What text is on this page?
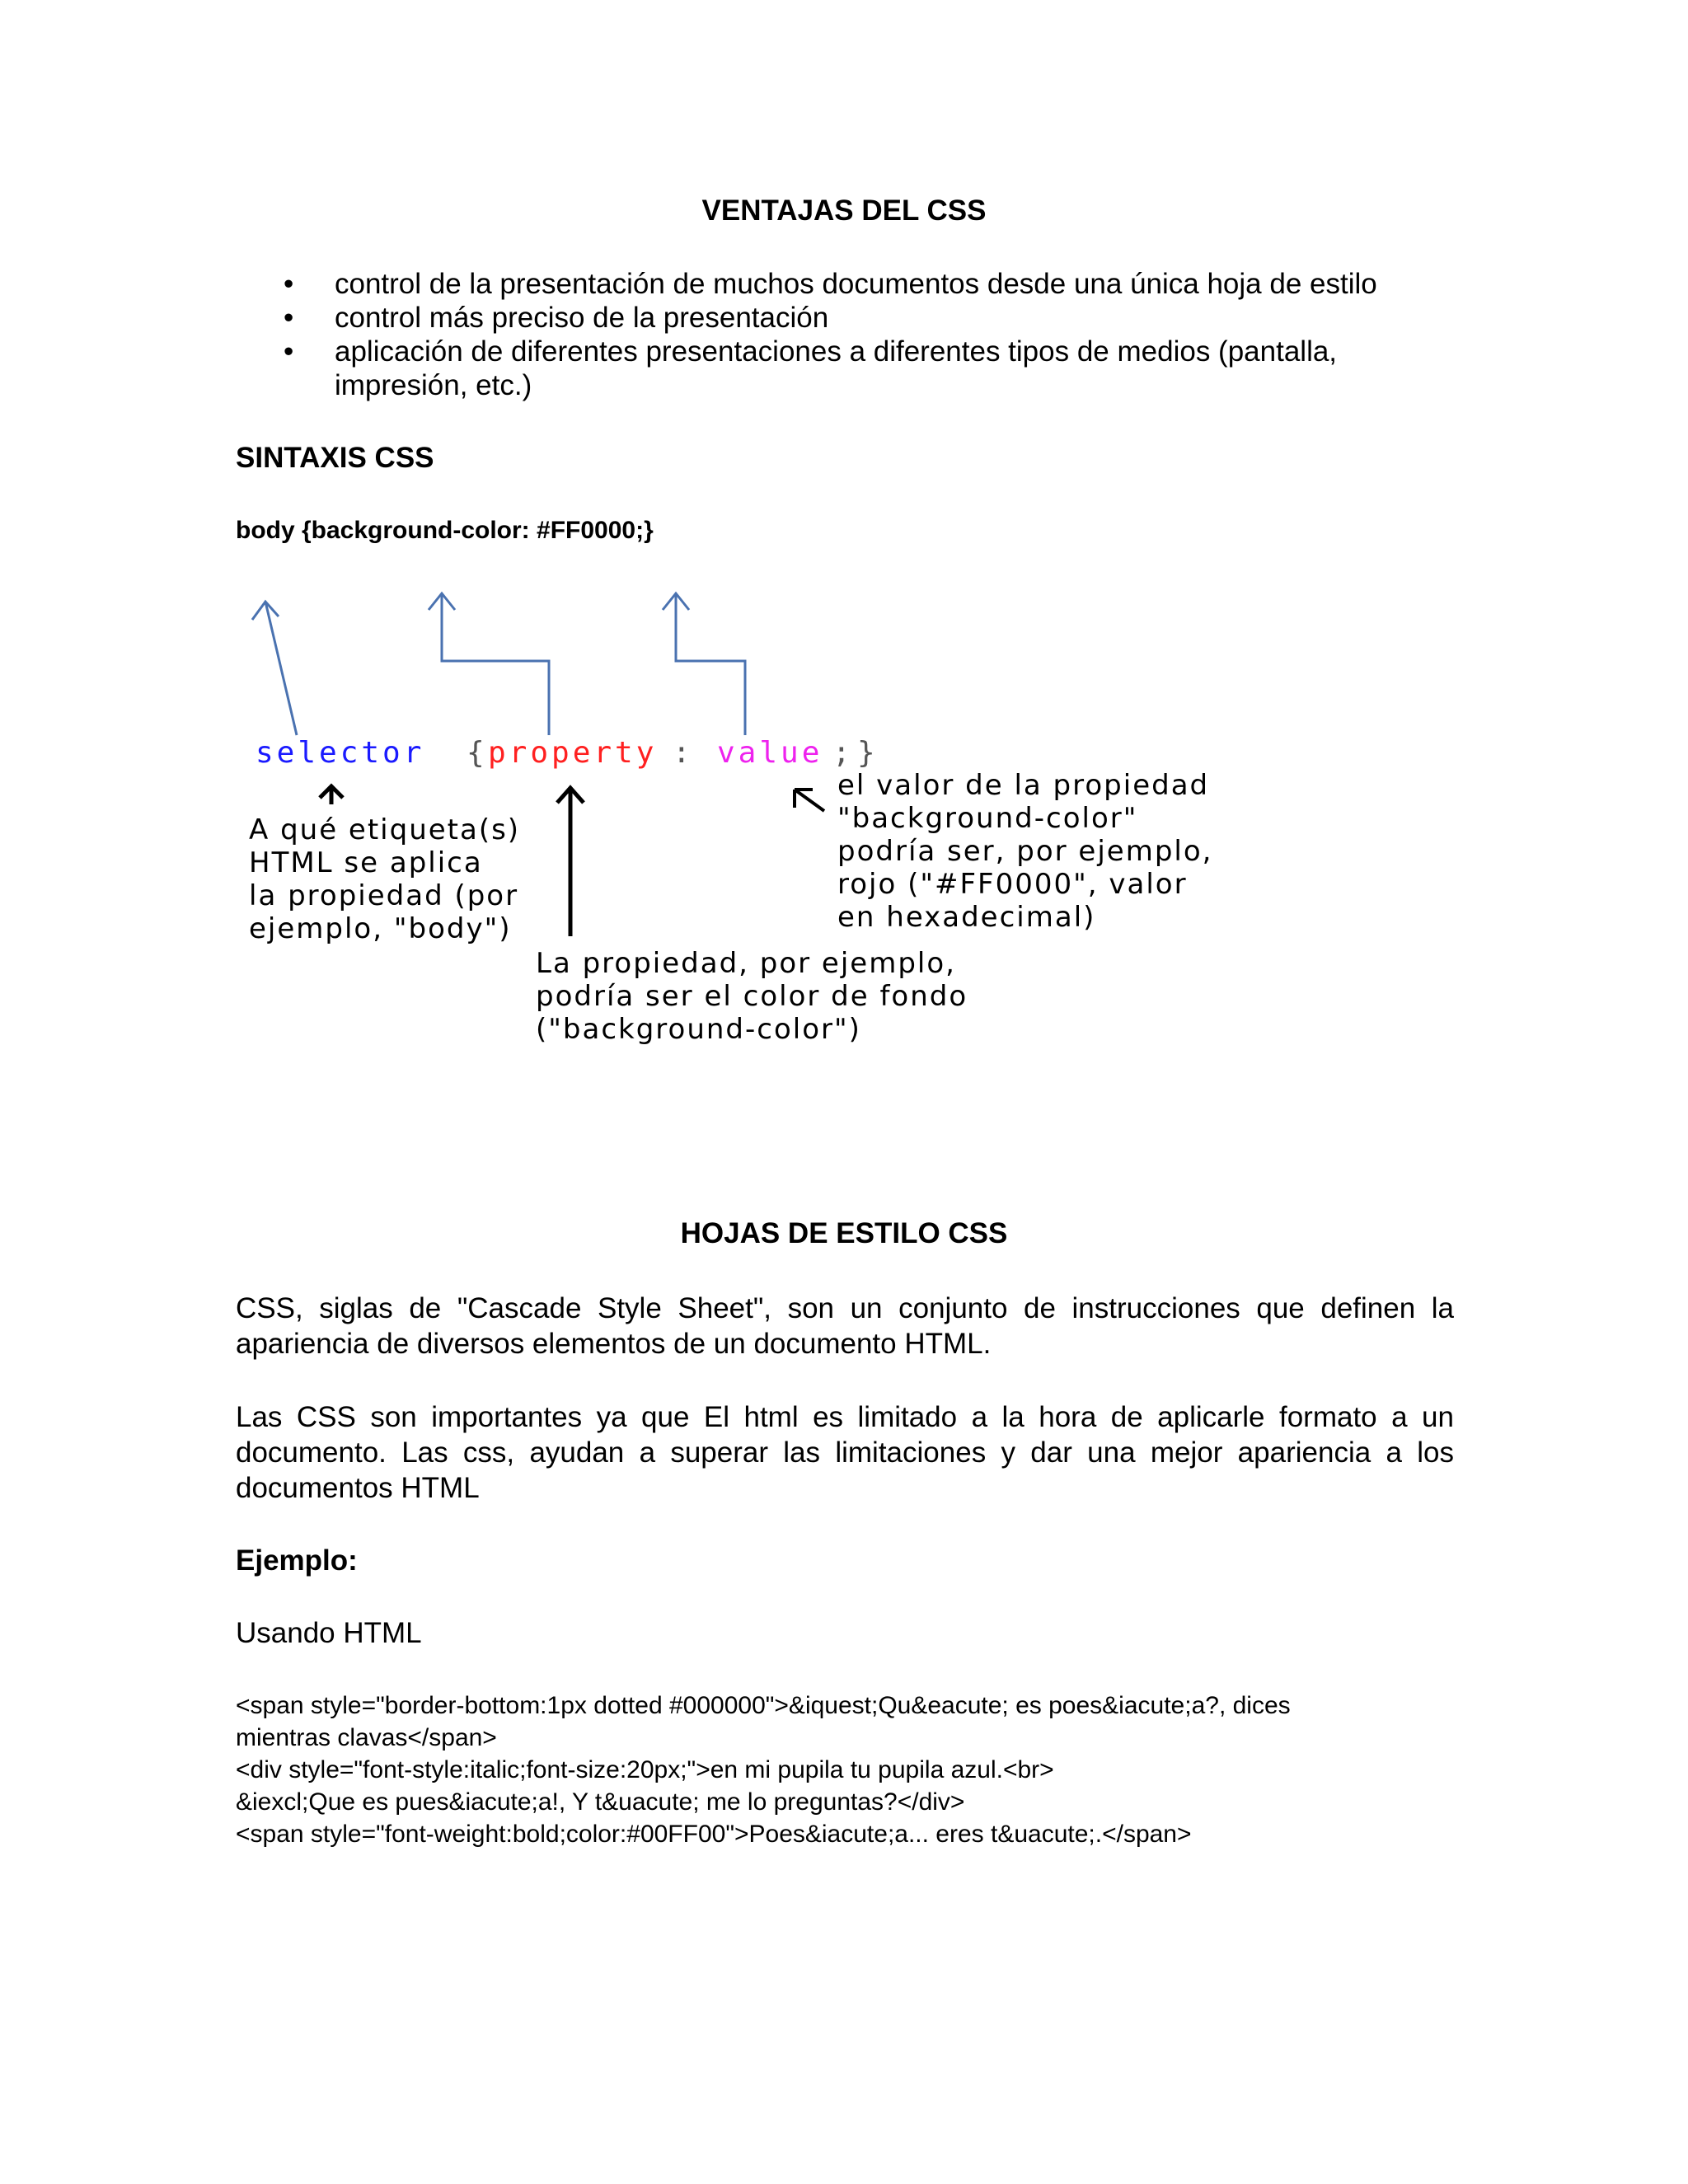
VENTAJAS DEL CSS
• control de la presentación de muchos documentos desde una única hoja de estilo
• control más preciso de la presentación
• aplicación de diferentes presentaciones a diferentes tipos de medios (pantalla, impresión, etc.)
SINTAXIS CSS
body {background-color: #FF0000;}
selector { property : value ; }
A qué etiqueta(s) HTML se aplica la propiedad (por ejemplo, "body")
La propiedad, por ejemplo, podría ser el color de fondo ("background-color")
el valor de la propiedad "background-color" podría ser, por ejemplo, rojo ("#FF0000", valor en hexadecimal)
HOJAS DE ESTILO CSS

CSS, siglas de "Cascade Style Sheet", son un conjunto de instrucciones que definen la apariencia de diversos elementos de un documento HTML.

Las CSS son importantes ya que El html es limitado a la hora de aplicarle formato a un documento. Las css, ayudan a superar las limitaciones y dar una mejor apariencia a los documentos HTML

Ejemplo:
Usando HTML
<span style="border-bottom:1px dotted #000000">&iquest;Qu&eacute; es poes&iacute;a?, dices
mientras clavas</span>
<div style="font-style:italic;font-size:20px;">en mi pupila tu pupila azul.<br>
&iexcl;Que es pues&iacute;a!, Y t&uacute; me lo preguntas?</div>
<span style="font-weight:bold;color:#00FF00">Poes&iacute;a... eres t&uacute;.</span>
